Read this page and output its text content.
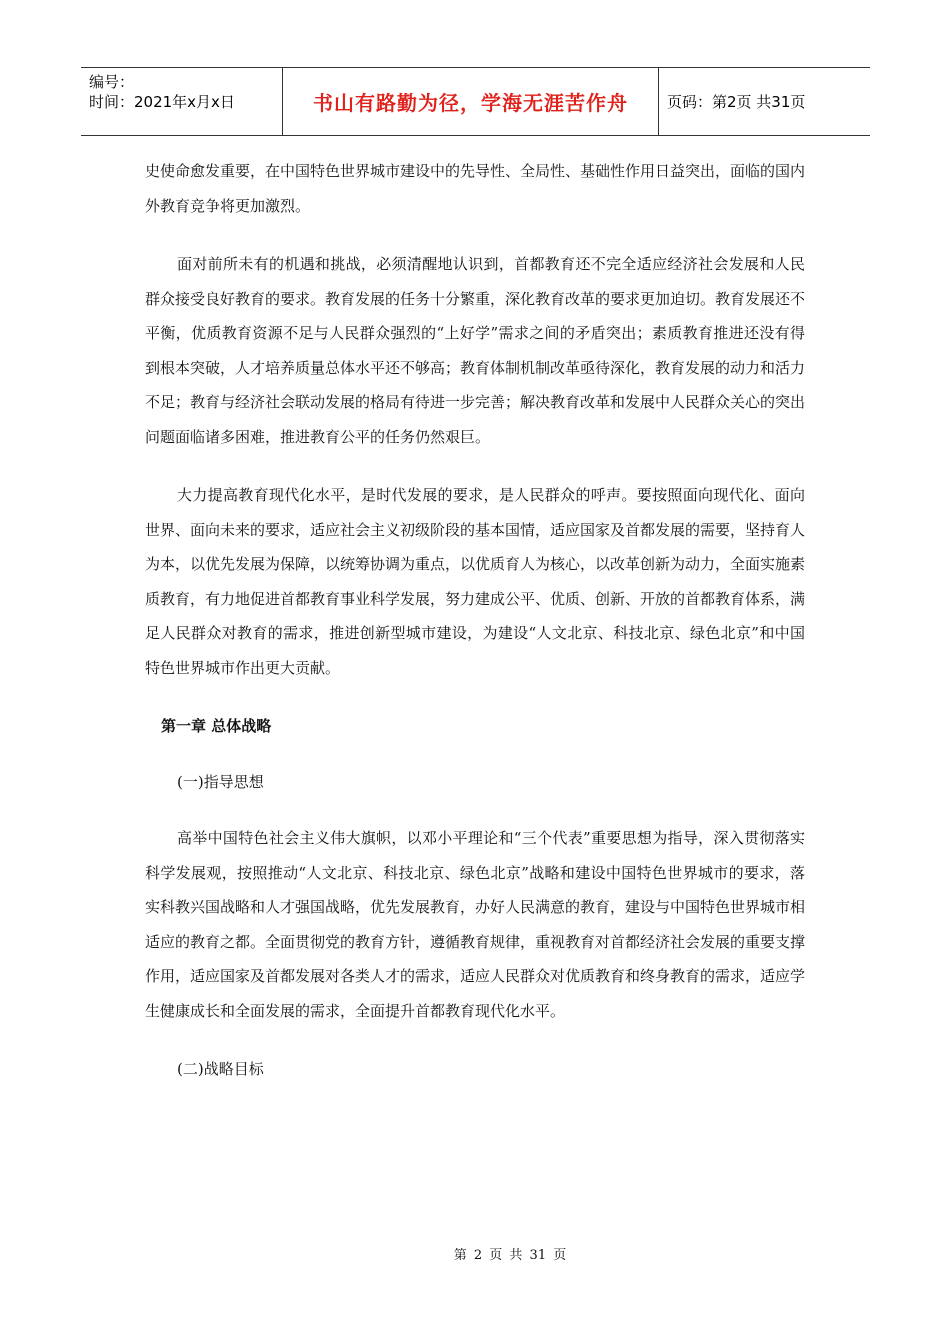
编号：
时间：2021年x月x日	书山有路勤为径，学海无涯苦作舟	页码：第2页 共31页

史使命愈发重要，在中国特色世界城市建设中的先导性、全局性、基础性作用日益突出，面临的国内外教育竞争将更加激烈。

面对前所未有的机遇和挑战，必须清醒地认识到，首都教育还不完全适应经济社会发展和人民群众接受良好教育的要求。教育发展的任务十分繁重，深化教育改革的要求更加迫切。教育发展还不平衡，优质教育资源不足与人民群众强烈的“上好学”需求之间的矛盾突出；素质教育推进还没有得到根本突破，人才培养质量总体水平还不够高；教育体制机制改革亟待深化，教育发展的动力和活力不足；教育与经济社会联动发展的格局有待进一步完善；解决教育改革和发展中人民群众关心的突出问题面临诸多困难，推进教育公平的任务仍然艰巨。

大力提高教育现代化水平，是时代发展的要求，是人民群众的呼声。要按照面向现代化、面向世界、面向未来的要求，适应社会主义初级阶段的基本国情，适应国家及首都发展的需要，坚持育人为本，以优先发展为保障，以统筹协调为重点，以优质育人为核心，以改革创新为动力，全面实施素质教育，有力地促进首都教育事业科学发展，努力建成公平、优质、创新、开放的首都教育体系，满足人民群众对教育的需求，推进创新型城市建设，为建设“人文北京、科技北京、绿色北京”和中国特色世界城市作出更大贡献。

第一章 总体战略

(一)指导思想

高举中国特色社会主义伟大旗帜，以邓小平理论和“三个代表”重要思想为指导，深入贯彻落实科学发展观，按照推动“人文北京、科技北京、绿色北京”战略和建设中国特色世界城市的要求，落实科教兴国战略和人才强国战略，优先发展教育，办好人民满意的教育，建设与中国特色世界城市相适应的教育之都。全面贯彻党的教育方针，遵循教育规律，重视教育对首都经济社会发展的重要支撑作用，适应国家及首都发展对各类人才的需求，适应人民群众对优质教育和终身教育的需求，适应学生健康成长和全面发展的需求，全面提升首都教育现代化水平。

(二)战略目标

第 2 页 共 31 页
